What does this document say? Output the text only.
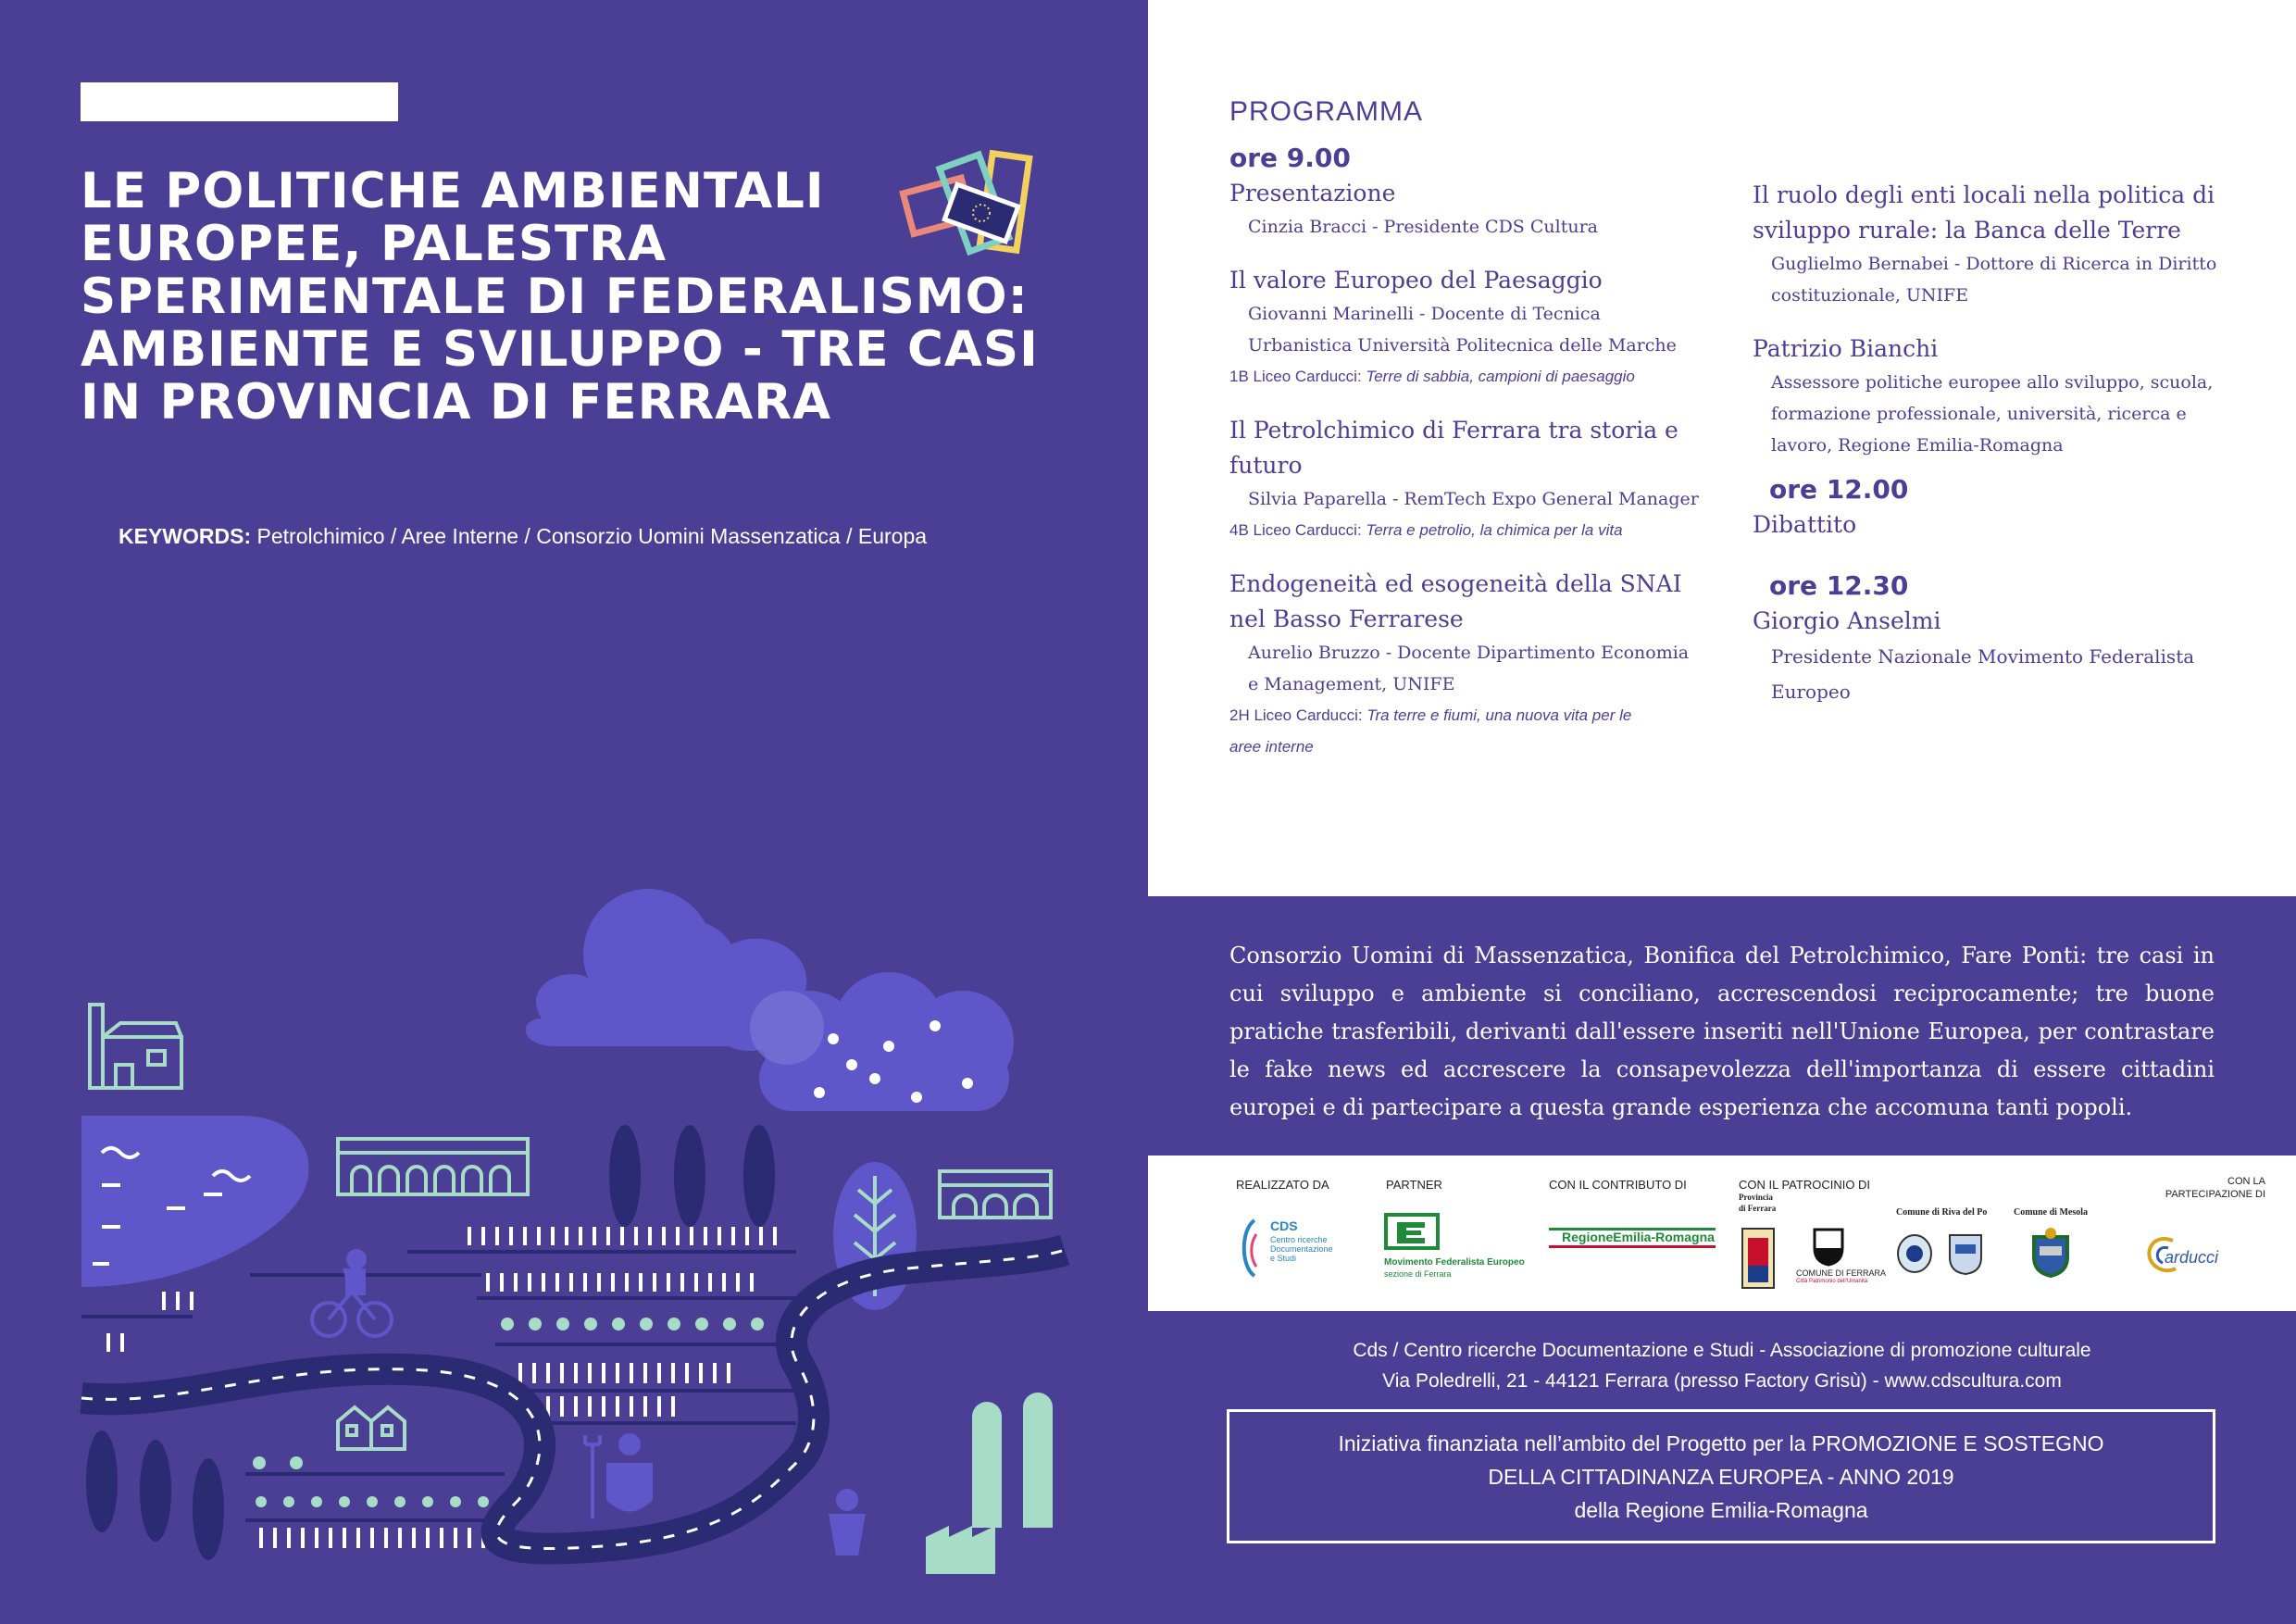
LE POLITICHE AMBIENTALI
EUROPEE, PALESTRA
SPERIMENTALE DI FEDERALISMO:
AMBIENTE E SVILUPPO - TRE CASI
IN PROVINCIA DI FERRARA
KEYWORDS: Petrolchimico / Aree Interne / Consorzio Uomini Massenzatica / Europa
PROGRAMMA
ore 9.00
Presentazione
Cinzia Bracci - Presidente CDS Cultura
Il valore Europeo del Paesaggio
Giovanni Marinelli - Docente di Tecnica
Urbanistica Università Politecnica delle Marche
1B Liceo Carducci: Terre di sabbia, campioni di paesaggio
Il Petrolchimico di Ferrara tra storia e
futuro
Silvia Paparella - RemTech Expo General Manager
4B Liceo Carducci: Terra e petrolio, la chimica per la vita
Endogeneità ed esogeneità della SNAI
nel Basso Ferrarese
Aurelio Bruzzo - Docente Dipartimento Economia
e Management, UNIFE
2H Liceo Carducci: Tra terre e fiumi, una nuova vita per le
aree interne
Il ruolo degli enti locali nella politica di
sviluppo rurale: la Banca delle Terre
Guglielmo Bernabei - Dottore di Ricerca in Diritto
costituzionale, UNIFE
Patrizio Bianchi
Assessore politiche europee allo sviluppo, scuola,
formazione professionale, università, ricerca e
lavoro, Regione Emilia-Romagna
ore 12.00
Dibattito
ore 12.30
Giorgio Anselmi
Presidente Nazionale Movimento Federalista
Europeo
Consorzio Uomini di Massenzatica, Bonifica del Petrolchimico, Fare Ponti: tre casi in cui sviluppo e ambiente si conciliano, accrescendosi reciprocamente; tre buone pratiche trasferibili, derivanti dall'essere inseriti nell'Unione Europea, per contrastare le fake news ed accrescere la consapevolezza dell'importanza di essere cittadini europei e di partecipare a questa grande esperienza che accomuna tanti popoli.
REALIZZATO DA	PARTNER	CON IL CONTRIBUTO DI	CON IL PATROCINIO DI	CON LA
PARTECIPAZIONE DI
CDS
Centro ricerche
Documentazione
e Studi	Movimento Federalista Europeo
sezione di Ferrara
RegioneEmilia-Romagna
Provincia
di Ferrara
COMUNE DI FERRARA
Città Patrimonio dell'Umanità
Comune di Riva del Po	Comune di Mesola
arducci
Cds / Centro ricerche Documentazione e Studi - Associazione di promozione culturale
Via Poledrelli, 21 - 44121 Ferrara (presso Factory Grisù) - www.cdscultura.com
Iniziativa finanziata nell’ambito del Progetto per la PROMOZIONE E SOSTEGNO
DELLA CITTADINANZA EUROPEA - ANNO 2019
della Regione Emilia-Romagna
